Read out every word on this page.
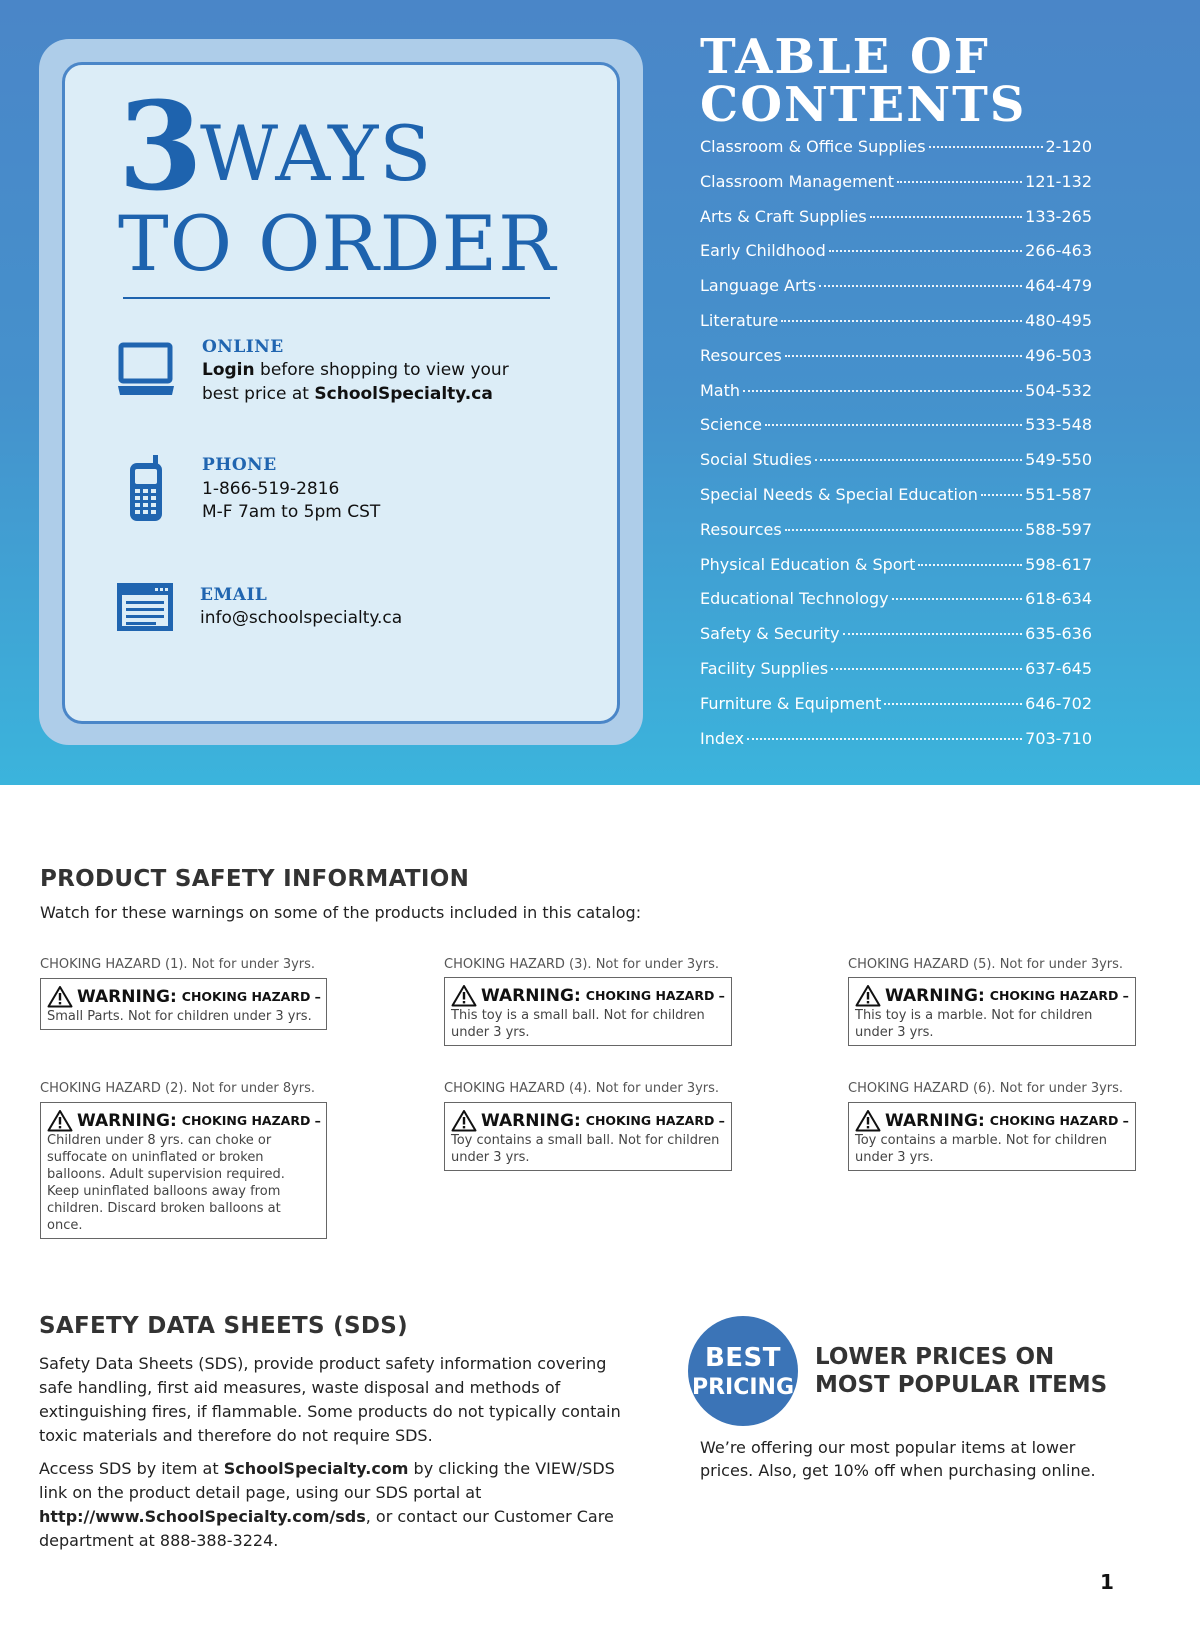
3 WAYS
TO ORDER
ONLINE
Login before shopping to view your
best price at SchoolSpecialty.ca
PHONE
1-866-519-2816
M-F 7am to 5pm CST
EMAIL
info@schoolspecialty.ca
TABLE OF
CONTENTS
Classroom & Office Supplies	2-120
Classroom Management	121-132
Arts & Craft Supplies	133-265
Early Childhood	266-463
Language Arts	464-479
Literature	480-495
Resources	496-503
Math	504-532
Science	533-548
Social Studies	549-550
Special Needs & Special Education	551-587
Resources	588-597
Physical Education & Sport	598-617
Educational Technology	618-634
Safety & Security	635-636
Facility Supplies	637-645
Furniture & Equipment	646-702
Index	703-710
PRODUCT SAFETY INFORMATION
Watch for these warnings on some of the products included in this catalog:
CHOKING HAZARD (1). Not for under 3yrs.
WARNING: CHOKING HAZARD –
Small Parts. Not for children under 3 yrs.
CHOKING HAZARD (2). Not for under 8yrs.
WARNING: CHOKING HAZARD –
Children under 8 yrs. can choke or suffocate on uninflated or broken balloons. Adult supervision required. Keep uninflated balloons away from children. Discard broken balloons at once.
CHOKING HAZARD (3). Not for under 3yrs.
WARNING: CHOKING HAZARD –
This toy is a small ball. Not for children under 3 yrs.
CHOKING HAZARD (4). Not for under 3yrs.
WARNING: CHOKING HAZARD –
Toy contains a small ball. Not for children under 3 yrs.
CHOKING HAZARD (5). Not for under 3yrs.
WARNING: CHOKING HAZARD –
This toy is a marble. Not for children under 3 yrs.
CHOKING HAZARD (6). Not for under 3yrs.
WARNING: CHOKING HAZARD –
Toy contains a marble. Not for children under 3 yrs.
SAFETY DATA SHEETS (SDS)

Safety Data Sheets (SDS), provide product safety information covering safe handling, first aid measures, waste disposal and methods of extinguishing fires, if flammable. Some products do not typically contain toxic materials and therefore do not require SDS.

Access SDS by item at SchoolSpecialty.com by clicking the VIEW/SDS link on the product detail page, using our SDS portal at http://www.SchoolSpecialty.com/sds, or contact our Customer Care department at 888-388-3224.

BEST
PRICING
LOWER PRICES ON
MOST POPULAR ITEMS

We’re offering our most popular items at lower prices. Also, get 10% off when purchasing online.

1
